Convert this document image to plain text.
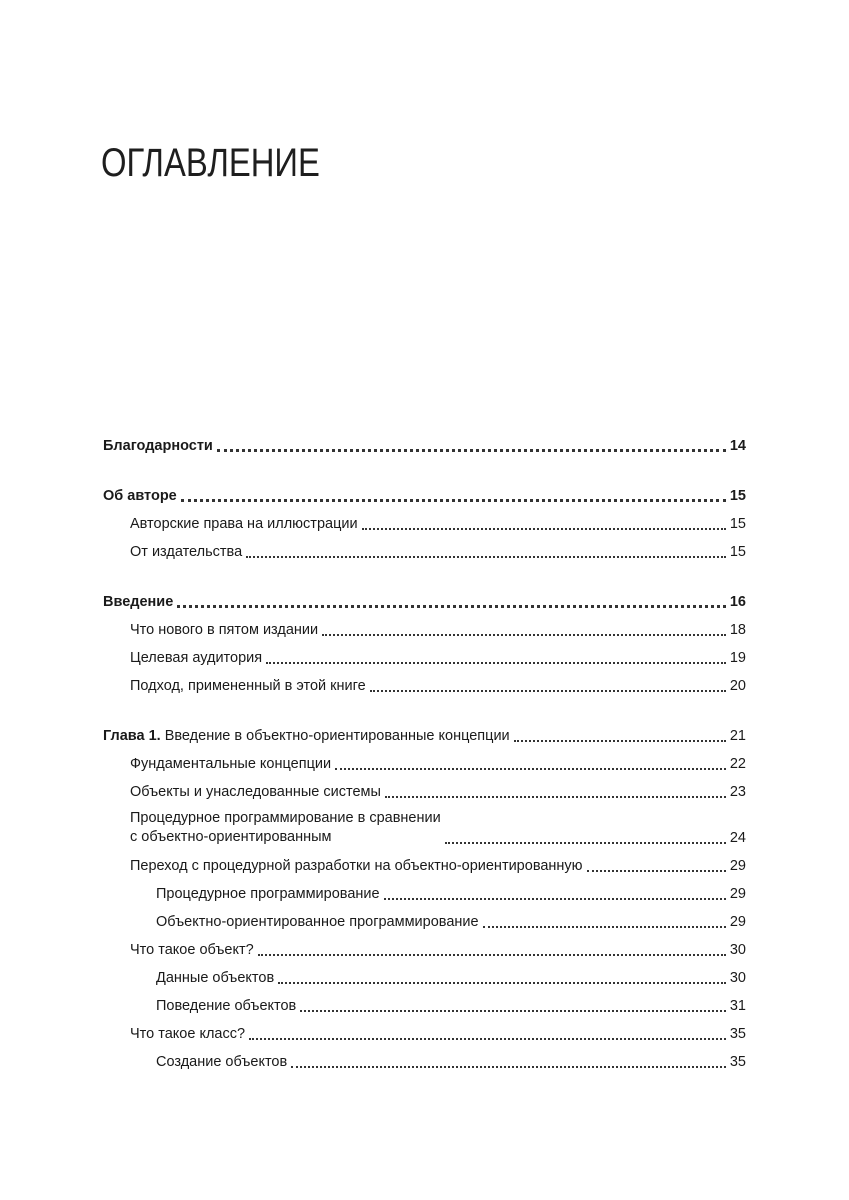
ОГЛАВЛЕНИЕ
Благодарности	14
Об авторе	15
Авторские права на иллюстрации	15
От издательства	15
Введение	16
Что нового в пятом издании	18
Целевая аудитория	19
Подход, примененный в этой книге	20
Глава 1. Введение в объектно-ориентированные концепции	21
Фундаментальные концепции	22
Объекты и унаследованные системы	23
Процедурное программирование в сравнении
с объектно-ориентированным	24
Переход с процедурной разработки на объектно-ориентированную	29
Процедурное программирование	29
Объектно-ориентированное программирование	29
Что такое объект?	30
Данные объектов	30
Поведение объектов	31
Что такое класс?	35
Создание объектов	35
